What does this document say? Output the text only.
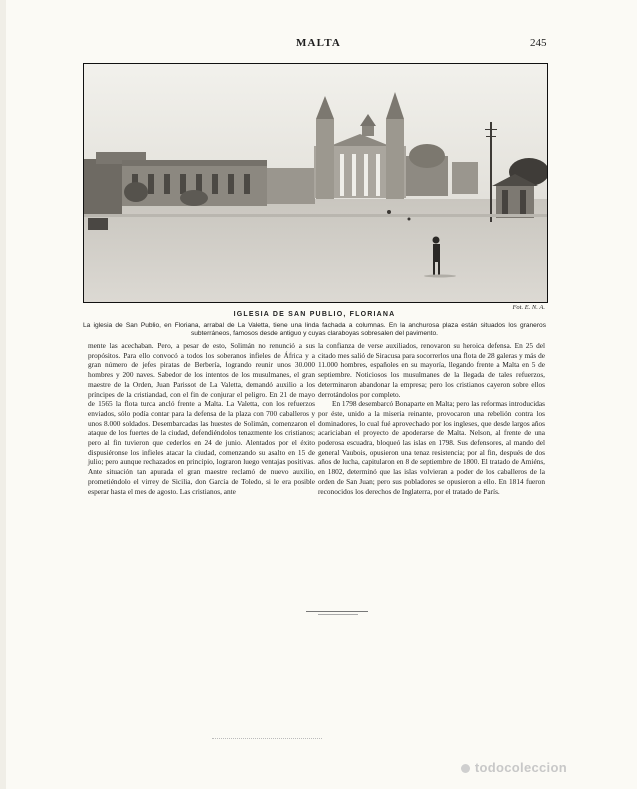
MALTA	245
Fot. E. N. A.
IGLESIA DE SAN PUBLIO, FLORIANA
La iglesia de San Publio, en Floriana, arrabal de La Valetta, tiene una linda fachada a columnas. En la anchurosa plaza están situados los graneros subterráneos, famosos desde antiguo y cuyas claraboyas sobresalen del pavimento.

mente las acechaban. Pero, a pesar de esto, Solimán no renunció a sus propósitos. Para ello convocó a todos los soberanos infieles de África y a gran número de jefes piratas de Berbería, logrando reunir unos 30.000 hombres y 200 naves. Sabedor de los intentos de los musulmanes, el gran maestre de la Orden, Juan Parissot de La Valetta, demandó auxilio a los príncipes de la cristiandad, con el fin de conjurar el peligro. En 21 de mayo de 1565 la flota turca ancló frente a Malta. La Valetta, con los refuerzos enviados, sólo podía contar para la defensa de la plaza con 700 caballeros y unos 8.000 soldados. Desembarcadas las huestes de Solimán, comenzaron el ataque de los fuertes de la ciudad, defendiéndolos tenazmente los cristianos; pero al fin tuvieron que cederlos en 24 de junio. Alentados por el éxito dispusiéronse los infieles atacar la ciudad, comenzando su asalto en 15 de julio; pero aunque rechazados en principio, lograron luego ventajas positivas. Ante situación tan apurada el gran maestre reclamó de nuevo auxilio, prometiéndolo el virrey de Sicilia, don García de Toledo, si le era posible esperar hasta el mes de agosto. Las cristianos, ante

la confianza de verse auxiliados, renovaron su heroica defensa. En 25 del citado mes salió de Siracusa para socorrerlos una flota de 28 galeras y más de 11.000 hombres, españoles en su mayoría, llegando frente a Malta en 5 de septiembre. Noticiosos los musulmanes de la llegada de tales refuerzos, determinaron abandonar la empresa; pero los cristianos cayeron sobre ellos derrotándolos por completo.

En 1798 desembarcó Bonaparte en Malta; pero las reformas introducidas por éste, unido a la miseria reinante, provocaron una rebelión contra los dominadores, lo cual fué aprovechado por los ingleses, que desde largos años acariciaban el proyecto de apoderarse de Malta. Nelson, al frente de una poderosa escuadra, bloqueó las islas en 1798. Sus defensores, al mando del general Vaubois, opusieron una tenaz resistencia; por al fin, después de dos años de lucha, capitularon en 8 de septiembre de 1800. El tratado de Amiéns, en 1802, determinó que las islas volvieran a poder de los caballeros de la orden de San Juan; pero sus pobladores se opusieron a ello. En 1814 fueron reconocidos los derechos de Inglaterra, por el tratado de París.

todocoleccion
